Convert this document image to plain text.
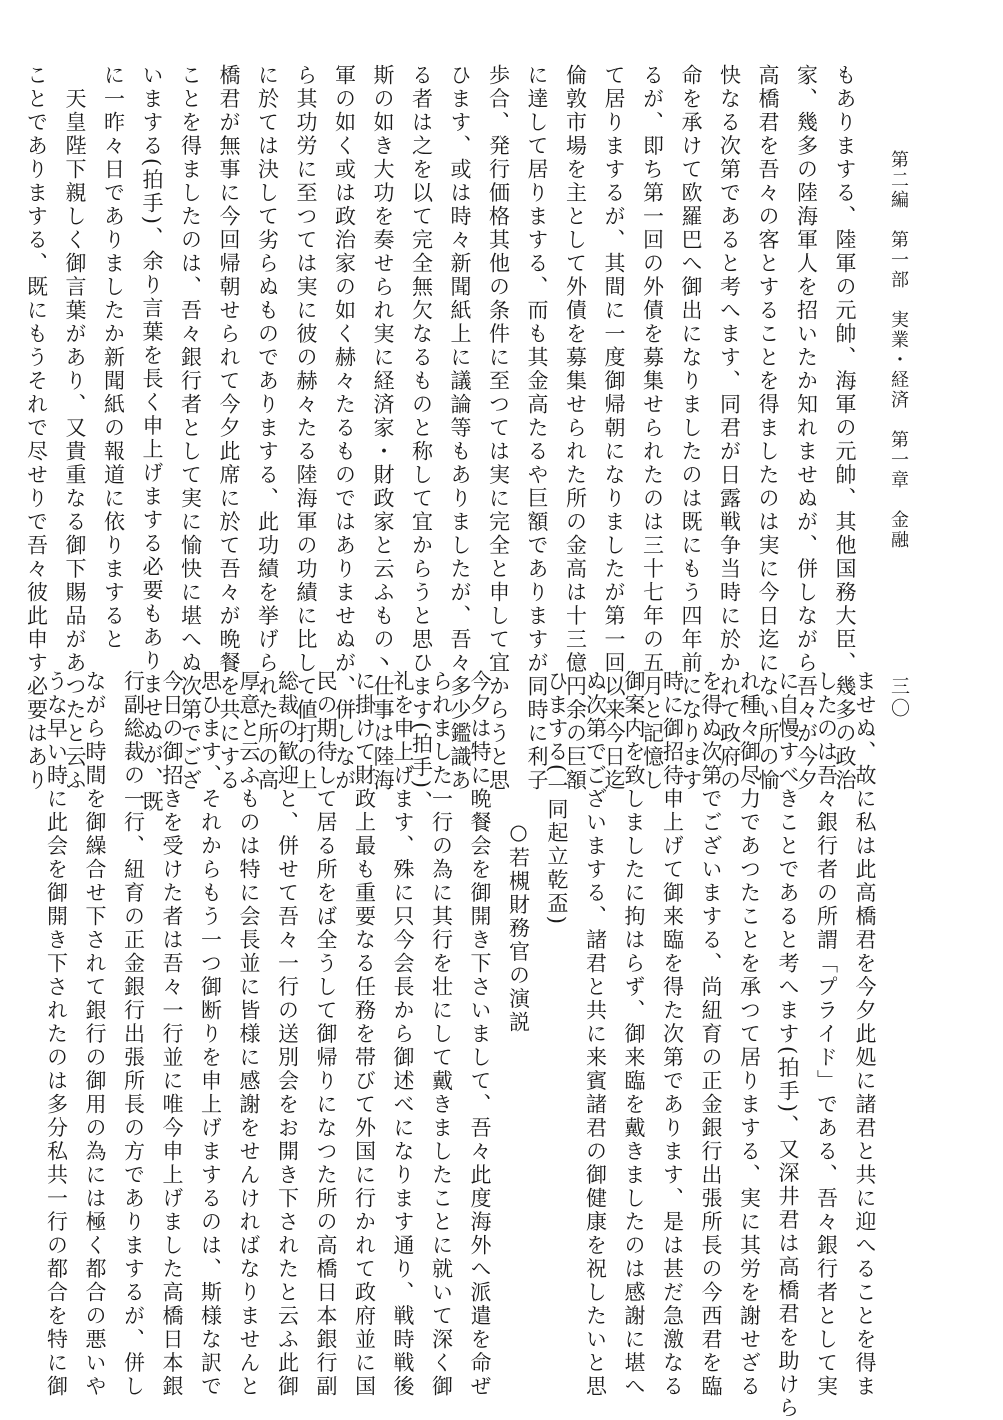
第二編　第一部　実業・経済　第一章　金融
三〇
もありまする、陸軍の元帥、海軍の元帥、其他国務大臣、幾多の政治
家、幾多の陸海軍人を招いたか知れませぬが、併しながら吾々が今夕
高橋君を吾々の客とすることを得ましたのは実に今日迄にない所の愉
快なる次第であると考へます、同君が日露戦争当時に於かれて政府の
命を承けて欧羅巴へ御出になりましたのは既にもう四年前になります
るが、即ち第一回の外債を募集せられたのは三十七年の五月と記憶し
て居りまするが、其間に一度御帰朝になりましたが第一回以来今日迄
倫敦市場を主として外債を募集せられた所の金高は十三億円余の巨額
に達して居りまする、而も其金高たるや巨額でありますが同時に利子
歩合、発行価格其他の条件に至つては実に完全と申して宜からうと思
ひます、或は時々新聞紙上に議論等もありましたが、吾々多少鑑識あ
る者は之を以て完全無欠なるものと称して宜からうと思ひます(拍手)、
斯の如き大功を奏せられ実に経済家・財政家と云ふもの丶仕事は陸海
軍の如く或は政治家の如く赫々たるものではありませぬが、併しなが
ら其功労に至つては実に彼の赫々たる陸海軍の功績に比して値打の上
に於ては決して劣らぬものでありまする、此功績を挙げられた所の高
橋君が無事に今回帰朝せられて今夕此席に於て吾々が晩餐を共にする
ことを得ましたのは、吾々銀行者として実に愉快に堪へぬ次第でござ
いまする(拍手)、余り言葉を長く申上げまする必要もありませぬが、既
に一昨々日でありましたか新聞紙の報道に依りますると
　天皇陛下親しく御言葉があり、又貴重なる御下賜品があつたと云ふ
ことでありまする、既にもうそれで尽せりで吾々彼此申す必要はあり
ませぬ、故に私は此高橋君を今夕此処に諸君と共に迎へることを得ま
したのは吾々銀行者の所謂「プライド」である、吾々銀行者として実
に自慢すべきことであると考へます(拍手)、又深井君は高橋君を助けら
れ種々御尽力であつたことを承つて居りまする、実に其労を謝せざる
を得ぬ次第でございまする、尚紐育の正金銀行出張所長の今西君を臨
時に御招待申上げて御来臨を得た次第であります、是は甚だ急激なる
御案内を致しましたに拘はらず、御来臨を戴きましたのは感謝に堪へ
ぬ次第でございまする、諸君と共に来賓諸君の御健康を祝したいと思
ひまする(一同起立乾盃)
○若槻財務官の演説
今夕は特に晩餐会を御開き下さいまして、吾々此度海外へ派遣を命ぜ
られました一行の為に其行を壮にして戴きましたことに就いて深く御
礼を申上げます、殊に只今会長から御述べになります通り、戦時戦後
に掛けて財政上最も重要なる任務を帯びて外国に行かれて政府並に国
民の期待して居る所をば全うして御帰りになつた所の高橋日本銀行副
総裁の歓迎と、併せて吾々一行の送別会をお開き下されたと云ふ此御
厚意と云ふものは特に会長並に皆様に感謝をせんければなりませんと
思ひます、それからもう一つ御断りを申上げまするのは、斯様な訳で
今日の御招きを受けた者は吾々一行並に唯今申上げました高橋日本銀
行副総裁の一行、紐育の正金銀行出張所長の方でありまするが、併し
ながら時間を御繰合せ下されて銀行の御用の為には極く都合の悪いや
うな早い時に此会を御開き下されたのは多分私共一行の都合を特に御
